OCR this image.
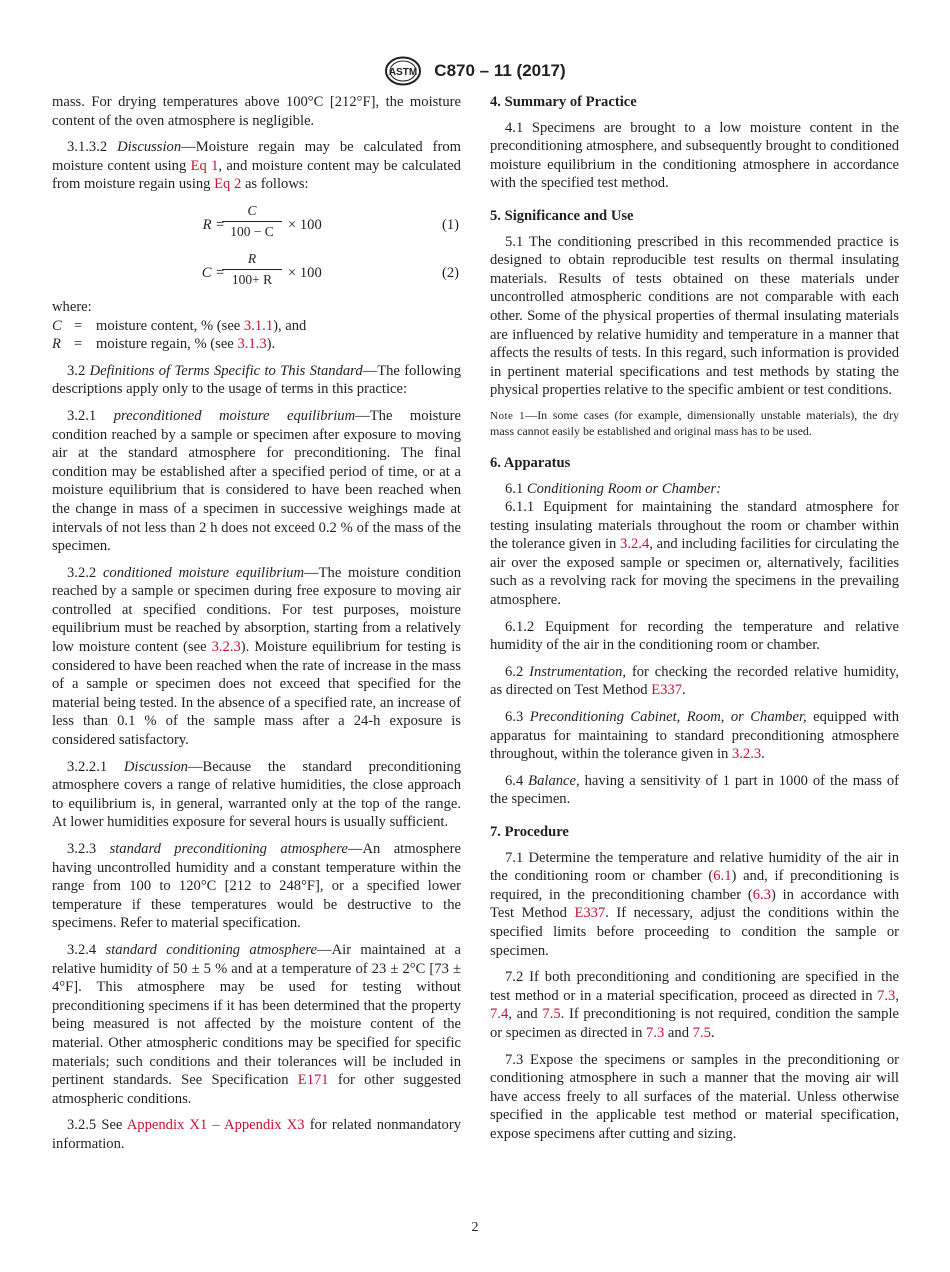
ASTM C870 – 11 (2017)

mass. For drying temperatures above 100°C [212°F], the moisture content of the oven atmosphere is negligible.

3.1.3.2 Discussion—Moisture regain may be calculated from moisture content using Eq 1, and moisture content may be calculated from moisture regain using Eq 2 as follows:

R =
$\frac{C}{100 - C} \times 100$	(1)
C =
$\frac{R}{100+ R} \times 100$	(2)

where:

C = moisture content, % (see 3.1.1), and
R = moisture regain, % (see 3.1.3).

3.2 Definitions of Terms Specific to This Standard—The following descriptions apply only to the usage of terms in this practice:

3.2.1 preconditioned moisture equilibrium—The moisture condition reached by a sample or specimen after exposure to moving air at the standard atmosphere for preconditioning. The final condition may be established after a specified period of time, or at a moisture equilibrium that is considered to have been reached when the change in mass of a specimen in successive weighings made at intervals of not less than 2 h does not exceed 0.2 % of the mass of the specimen.

3.2.2 conditioned moisture equilibrium—The moisture condition reached by a sample or specimen during free exposure to moving air controlled at specified conditions. For test purposes, moisture equilibrium must be reached by absorption, starting from a relatively low moisture content (see 3.2.3). Moisture equilibrium for testing is considered to have been reached when the rate of increase in the mass of a sample or specimen does not exceed that specified for the material being tested. In the absence of a specified rate, an increase of less than 0.1 % of the sample mass after a 24-h exposure is considered satisfactory.

3.2.2.1 Discussion—Because the standard preconditioning atmosphere covers a range of relative humidities, the close approach to equilibrium is, in general, warranted only at the top of the range. At lower humidities exposure for several hours is usually sufficient.

3.2.3 standard preconditioning atmosphere—An atmosphere having uncontrolled humidity and a constant temperature within the range from 100 to 120°C [212 to 248°F], or a specified lower temperature if these temperatures would be destructive to the specimens. Refer to material specification.

3.2.4 standard conditioning atmosphere—Air maintained at a relative humidity of 50 ± 5 % and at a temperature of 23 ± 2°C [73 ± 4°F]. This atmosphere may be used for testing without preconditioning specimens if it has been determined that the property being measured is not affected by the moisture content of the material. Other atmospheric conditions may be specified for specific materials; such conditions and their tolerances will be included in pertinent standards. See Specification E171 for other suggested atmospheric conditions.

3.2.5 See Appendix X1 – Appendix X3 for related nonmandatory information.

4. Summary of Practice

4.1 Specimens are brought to a low moisture content in the preconditioning atmosphere, and subsequently brought to conditioned moisture equilibrium in the conditioning atmosphere in accordance with the specified test method.

5. Significance and Use

5.1 The conditioning prescribed in this recommended practice is designed to obtain reproducible test results on thermal insulating materials. Results of tests obtained on these materials under uncontrolled atmospheric conditions are not comparable with each other. Some of the physical properties of thermal insulating materials are influenced by relative humidity and temperature in a manner that affects the results of tests. In this regard, such information is provided in pertinent material specifications and test methods by stating the physical properties relative to the specific ambient or test conditions.

Note 1—In some cases (for example, dimensionally unstable materials), the dry mass cannot easily be established and original mass has to be used.
6. Apparatus

6.1 Conditioning Room or Chamber:

6.1.1 Equipment for maintaining the standard atmosphere for testing insulating materials throughout the room or chamber within the tolerance given in 3.2.4, and including facilities for circulating the air over the exposed sample or specimen or, alternatively, facilities such as a revolving rack for moving the specimens in the prevailing atmosphere.

6.1.2 Equipment for recording the temperature and relative humidity of the air in the conditioning room or chamber.

6.2 Instrumentation, for checking the recorded relative humidity, as directed on Test Method E337.

6.3 Preconditioning Cabinet, Room, or Chamber, equipped with apparatus for maintaining to standard preconditioning atmosphere throughout, within the tolerance given in 3.2.3.

6.4 Balance, having a sensitivity of 1 part in 1000 of the mass of the specimen.

7. Procedure

7.1 Determine the temperature and relative humidity of the air in the conditioning room or chamber (6.1) and, if preconditioning is required, in the preconditioning chamber (6.3) in accordance with Test Method E337. If necessary, adjust the conditions within the specified limits before proceeding to condition the sample or specimen.

7.2 If both preconditioning and conditioning are specified in the test method or in a material specification, proceed as directed in 7.3, 7.4, and 7.5. If preconditioning is not required, condition the sample or specimen as directed in 7.3 and 7.5.

7.3 Expose the specimens or samples in the preconditioning or conditioning atmosphere in such a manner that the moving air will have access freely to all surfaces of the material. Unless otherwise specified in the applicable test method or material specification, expose specimens after cutting and sizing.

2
